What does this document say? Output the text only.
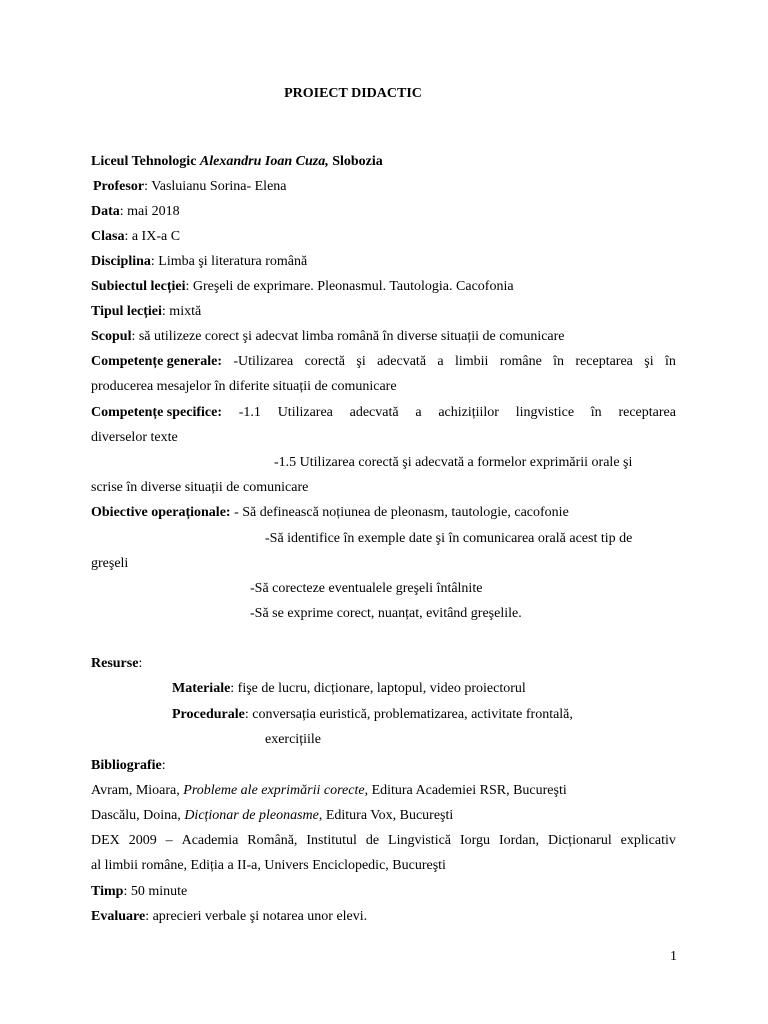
PROIECT DIDACTIC
Liceul Tehnologic Alexandru Ioan Cuza, Slobozia
Profesor: Vasluianu Sorina- Elena
Data: mai 2018
Clasa: a IX-a C
Disciplina: Limba şi literatura română
Subiectul lecției: Greşeli de exprimare. Pleonasmul. Tautologia. Cacofonia
Tipul lecției: mixtă
Scopul: să utilizeze corect şi adecvat limba română în diverse situații de comunicare
Competențe generale: -Utilizarea corectă şi adecvată a limbii române în receptarea şi în
producerea mesajelor în diferite situații de comunicare
Competențe specifice: -1.1 Utilizarea adecvată a achizițiilor lingvistice în receptarea
diverselor texte
-1.5 Utilizarea corectă şi adecvată a formelor exprimării orale şi
scrise în diverse situații de comunicare
Obiective operaționale: - Să definească noțiunea de pleonasm, tautologie, cacofonie
-Să identifice în exemple date şi în comunicarea orală acest tip de
greşeli
-Să corecteze eventualele greşeli întâlnite
-Să se exprime corect, nuanțat, evitând greşelile.
Resurse:
Materiale: fişe de lucru, dicționare, laptopul, video proiectorul
Procedurale: conversația euristică, problematizarea, activitate frontală,
exercițiile
Bibliografie:
Avram, Mioara, Probleme ale exprimării corecte, Editura Academiei RSR, Bucureşti
Dascălu, Doina, Dicționar de pleonasme, Editura Vox, Bucureşti
DEX 2009 – Academia Română, Institutul de Lingvistică Iorgu Iordan, Dicționarul explicativ
al limbii române, Ediția a II-a, Univers Enciclopedic, Bucureşti
Timp: 50 minute
Evaluare: aprecieri verbale şi notarea unor elevi.
1
